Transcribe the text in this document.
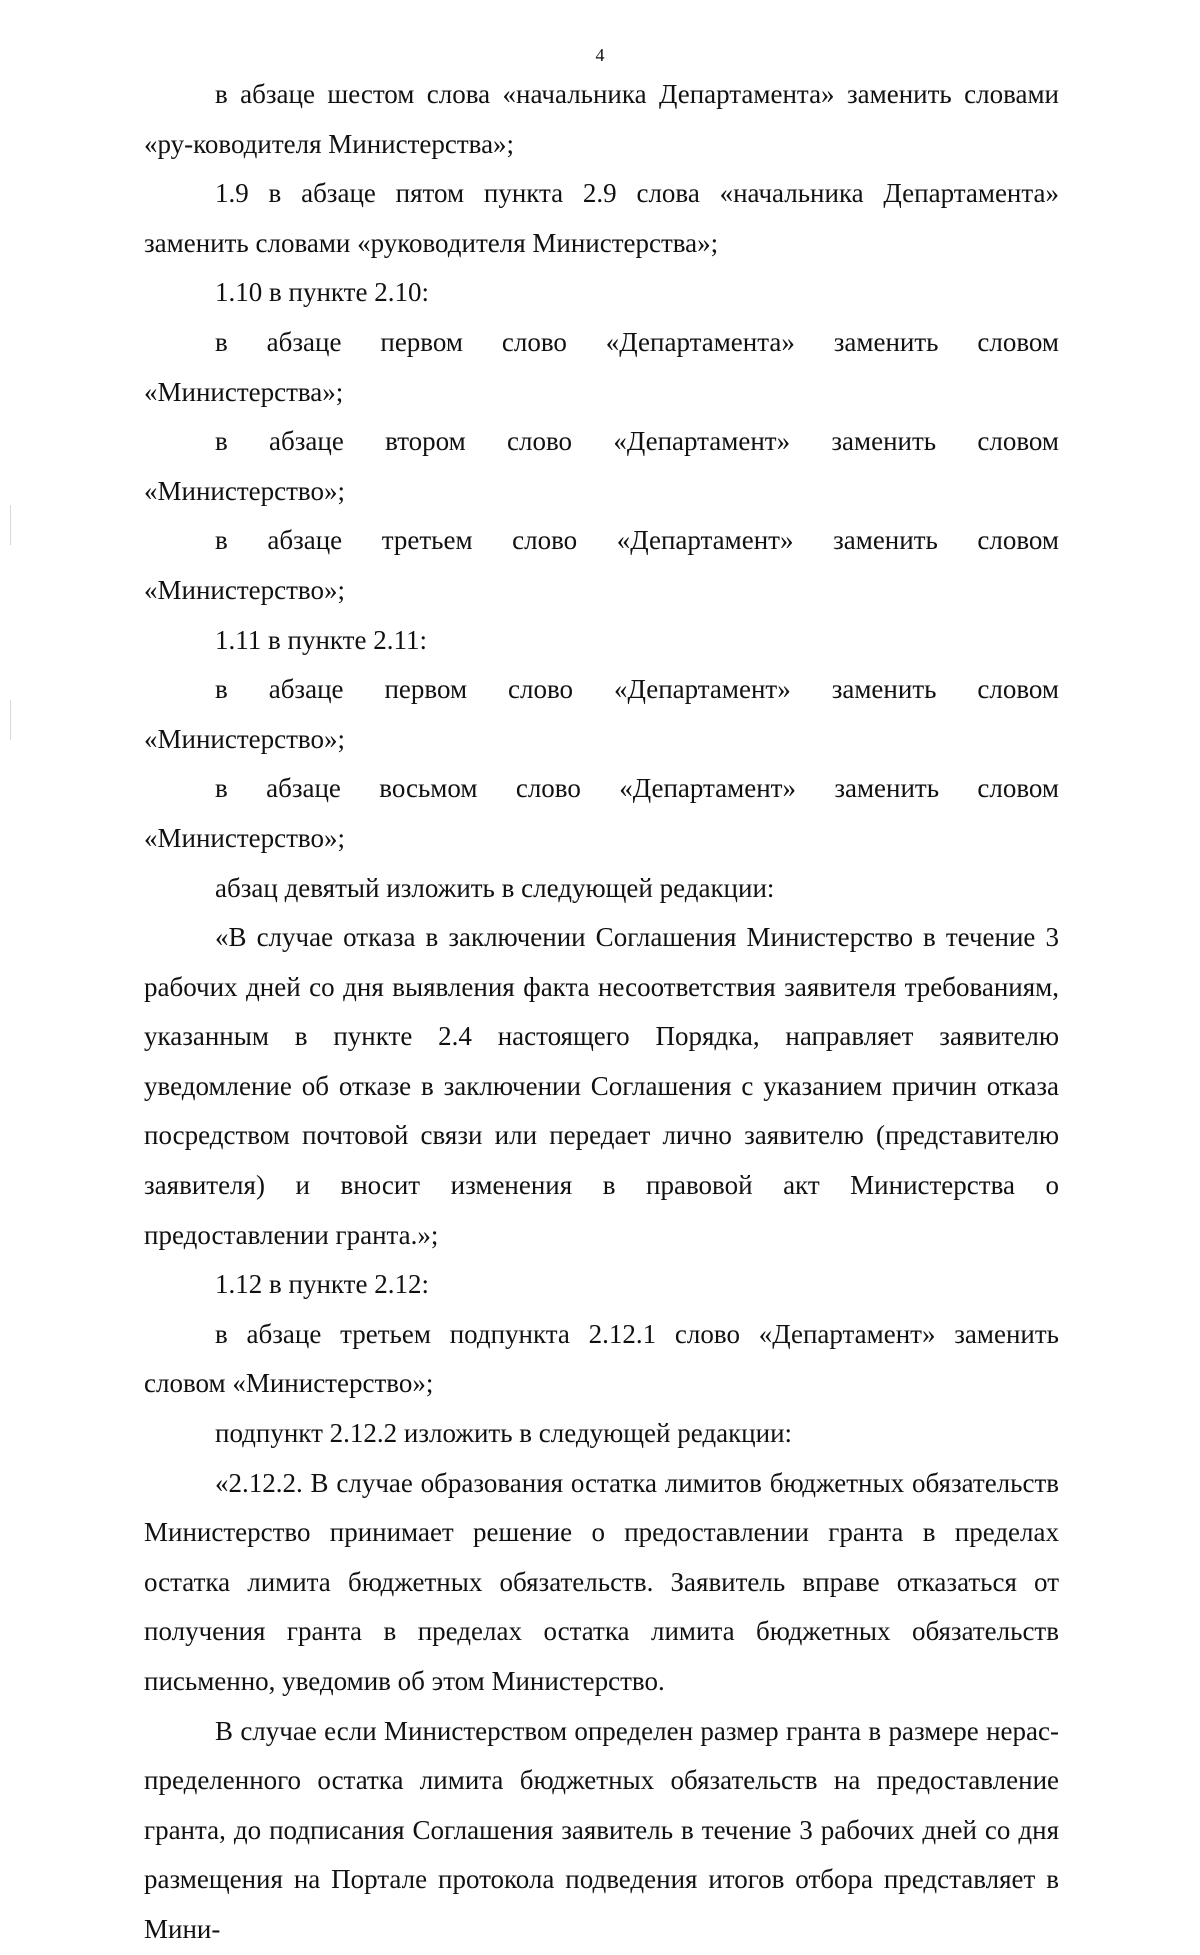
4

в абзаце шестом слова «начальника Департамента» заменить словами «ру-ководителя Министерства»;

1.9 в абзаце пятом пункта 2.9 слова «начальника Департамента» заменить словами «руководителя Министерства»;

1.10 в пункте 2.10:

в абзаце первом слово «Департамента» заменить словом «Министерства»;

в абзаце втором слово «Департамент» заменить словом «Министерство»;

в абзаце третьем слово «Департамент» заменить словом «Министерство»;

1.11 в пункте 2.11:

в абзаце первом слово «Департамент» заменить словом «Министерство»;

в абзаце восьмом слово «Департамент» заменить словом «Министерство»;

абзац девятый изложить в следующей редакции:

«В случае отказа в заключении Соглашения Министерство в течение 3 рабочих дней со дня выявления факта несоответствия заявителя требованиям, указанным в пункте 2.4 настоящего Порядка, направляет заявителю уведомление об отказе в заключении Соглашения с указанием причин отказа посредством почтовой связи или передает лично заявителю (представителю заявителя) и вносит изменения в правовой акт Министерства о предоставлении гранта.»;

1.12 в пункте 2.12:

в абзаце третьем подпункта 2.12.1 слово «Департамент» заменить словом «Министерство»;

подпункт 2.12.2 изложить в следующей редакции:

«2.12.2. В случае образования остатка лимитов бюджетных обязательств Министерство принимает решение о предоставлении гранта в пределах остатка лимита бюджетных обязательств. Заявитель вправе отказаться от получения гранта в пределах остатка лимита бюджетных обязательств письменно, уведомив об этом Министерство.

В случае если Министерством определен размер гранта в размере нераспределенного остатка лимита бюджетных обязательств на предоставление гранта, до подписания Соглашения заявитель в течение 3 рабочих дней со дня размещения на Портале протокола подведения итогов отбора представляет в Мини-
